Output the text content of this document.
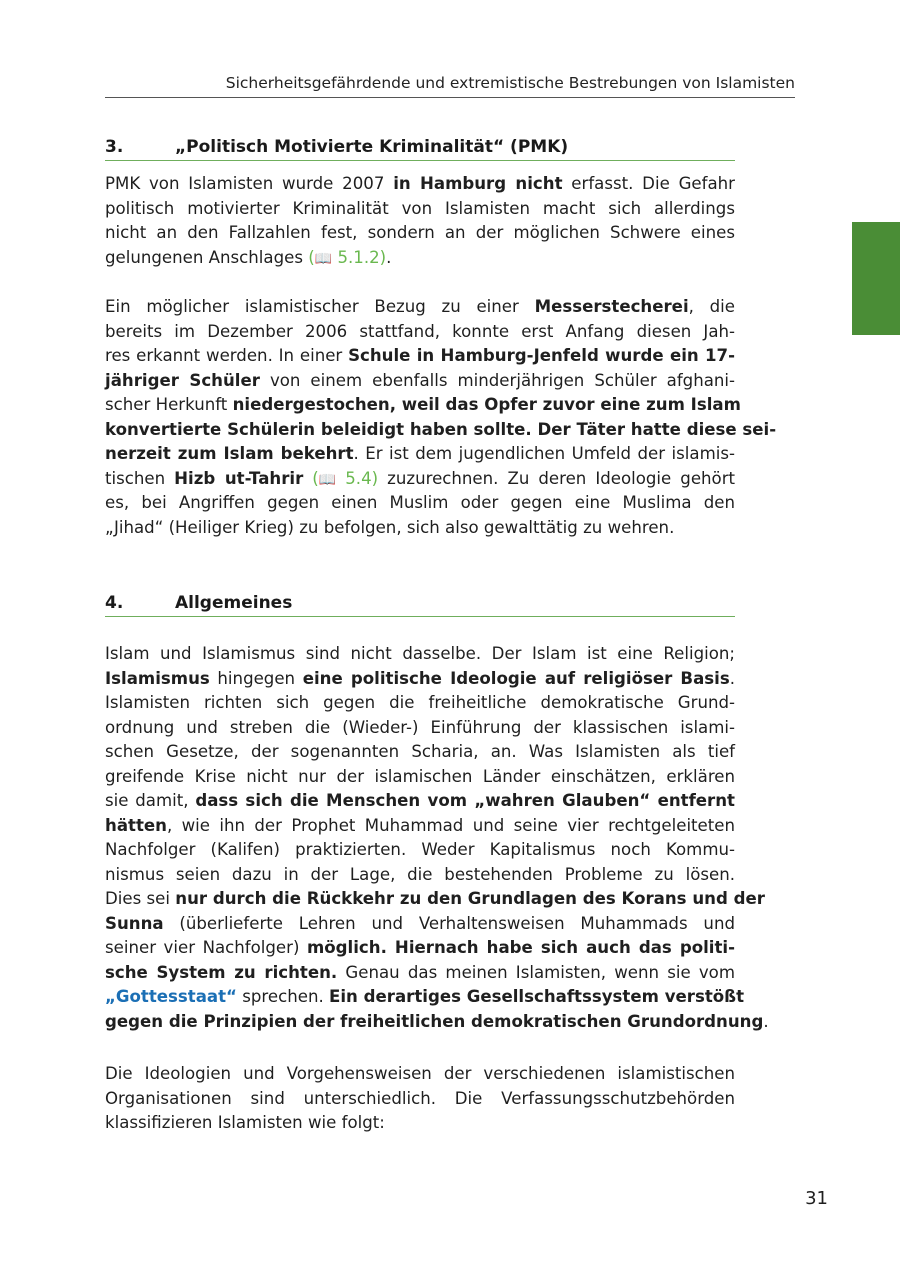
Sicherheitsgefährdende und extremistische Bestrebungen von Islamisten
3.	„Politisch Motivierte Kriminalität“ (PMK)
PMK von Islamisten wurde 2007 in Hamburg nicht erfasst. Die Gefahr
politisch motivierter Kriminalität von Islamisten macht sich allerdings
nicht an den Fallzahlen fest, sondern an der möglichen Schwere eines
gelungenen Anschlages (📖 5.1.2).
Ein möglicher islamistischer Bezug zu einer Messerstecherei, die
bereits im Dezember 2006 stattfand, konnte erst Anfang diesen Jah-
res erkannt werden. In einer Schule in Hamburg-Jenfeld wurde ein 17-
jähriger Schüler von einem ebenfalls minderjährigen Schüler afghani-
scher Herkunft niedergestochen, weil das Opfer zuvor eine zum Islam
konvertierte Schülerin beleidigt haben sollte. Der Täter hatte diese sei-
nerzeit zum Islam bekehrt. Er ist dem jugendlichen Umfeld der islamis-
tischen Hizb ut-Tahrir (📖 5.4) zuzurechnen. Zu deren Ideologie gehört
es, bei Angriffen gegen einen Muslim oder gegen eine Muslima den
„Jihad“ (Heiliger Krieg) zu befolgen, sich also gewalttätig zu wehren.
4.	Allgemeines
Islam und Islamismus sind nicht dasselbe. Der Islam ist eine Religion;
Islamismus hingegen eine politische Ideologie auf religiöser Basis.
Islamisten richten sich gegen die freiheitliche demokratische Grund-
ordnung und streben die (Wieder-) Einführung der klassischen islami-
schen Gesetze, der sogenannten Scharia, an. Was Islamisten als tief
greifende Krise nicht nur der islamischen Länder einschätzen, erklären
sie damit, dass sich die Menschen vom „wahren Glauben“ entfernt
hätten, wie ihn der Prophet Muhammad und seine vier rechtgeleiteten
Nachfolger (Kalifen) praktizierten. Weder Kapitalismus noch Kommu-
nismus seien dazu in der Lage, die bestehenden Probleme zu lösen.
Dies sei nur durch die Rückkehr zu den Grundlagen des Korans und der
Sunna (überlieferte Lehren und Verhaltensweisen Muhammads und
seiner vier Nachfolger) möglich. Hiernach habe sich auch das politi-
sche System zu richten. Genau das meinen Islamisten, wenn sie vom
„Gottesstaat“ sprechen. Ein derartiges Gesellschaftssystem verstößt
gegen die Prinzipien der freiheitlichen demokratischen Grundordnung.
Die Ideologien und Vorgehensweisen der verschiedenen islamistischen
Organisationen sind unterschiedlich. Die Verfassungsschutzbehörden
klassifizieren Islamisten wie folgt:
31
